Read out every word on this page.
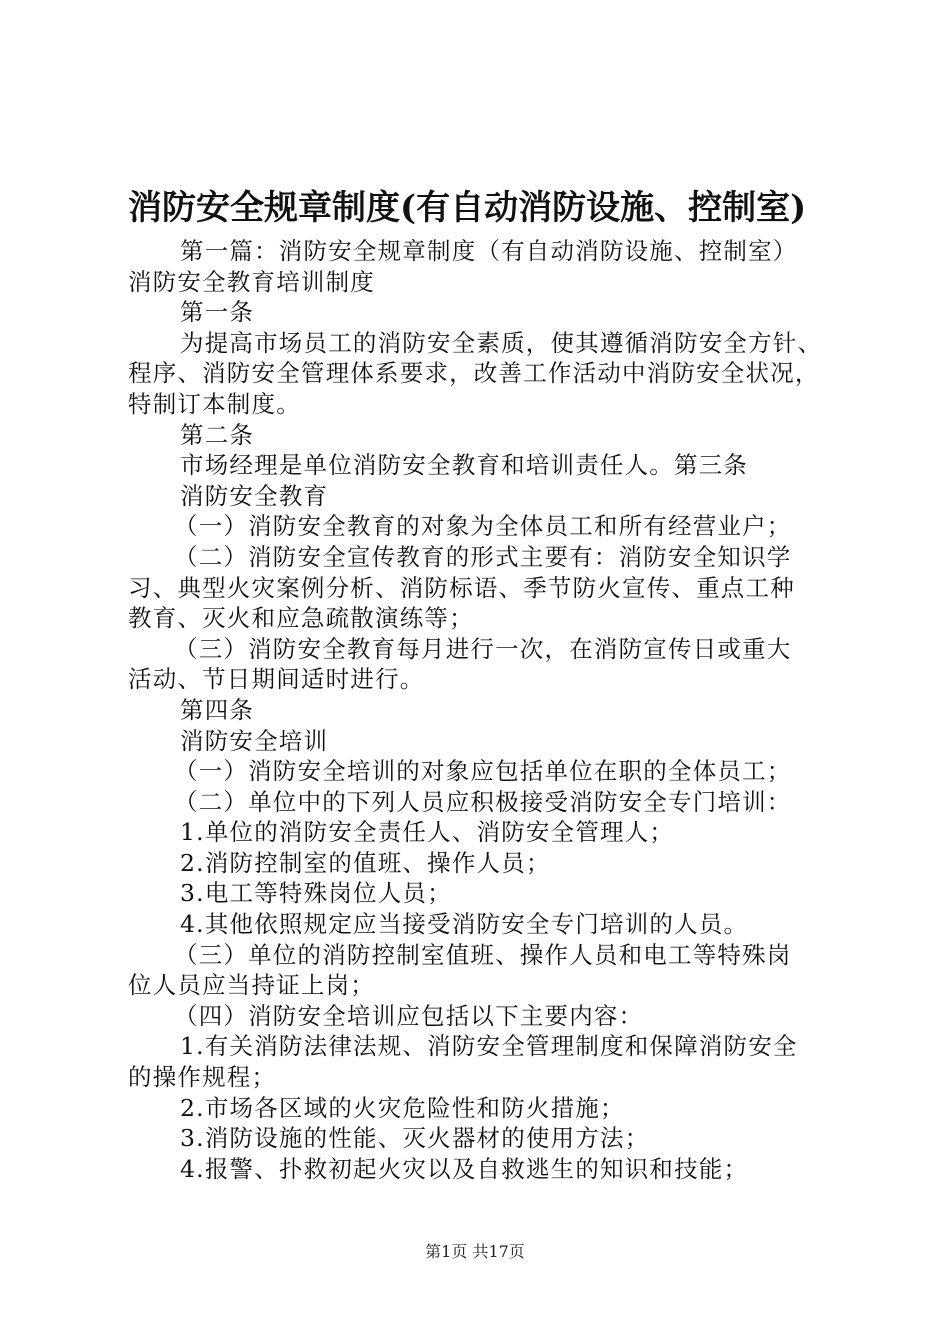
消防安全规章制度(有自动消防设施、控制室)
第一篇：消防安全规章制度（有自动消防设施、控制室）
消防安全教育培训制度
第一条
为提高市场员工的消防安全素质，使其遵循消防安全方针、
程序、消防安全管理体系要求，改善工作活动中消防安全状况，
特制订本制度。
第二条
市场经理是单位消防安全教育和培训责任人。第三条
消防安全教育
（一）消防安全教育的对象为全体员工和所有经营业户；
（二）消防安全宣传教育的形式主要有：消防安全知识学
习、典型火灾案例分析、消防标语、季节防火宣传、重点工种
教育、灭火和应急疏散演练等；
（三）消防安全教育每月进行一次，在消防宣传日或重大
活动、节日期间适时进行。
第四条
消防安全培训
（一）消防安全培训的对象应包括单位在职的全体员工；
（二）单位中的下列人员应积极接受消防安全专门培训：
1.单位的消防安全责任人、消防安全管理人；
2.消防控制室的值班、操作人员；
3.电工等特殊岗位人员；
4.其他依照规定应当接受消防安全专门培训的人员。
（三）单位的消防控制室值班、操作人员和电工等特殊岗
位人员应当持证上岗；
（四）消防安全培训应包括以下主要内容：
1.有关消防法律法规、消防安全管理制度和保障消防安全
的操作规程；
2.市场各区域的火灾危险性和防火措施；
3.消防设施的性能、灭火器材的使用方法；
4.报警、扑救初起火灾以及自救逃生的知识和技能；
第1页 共17页
